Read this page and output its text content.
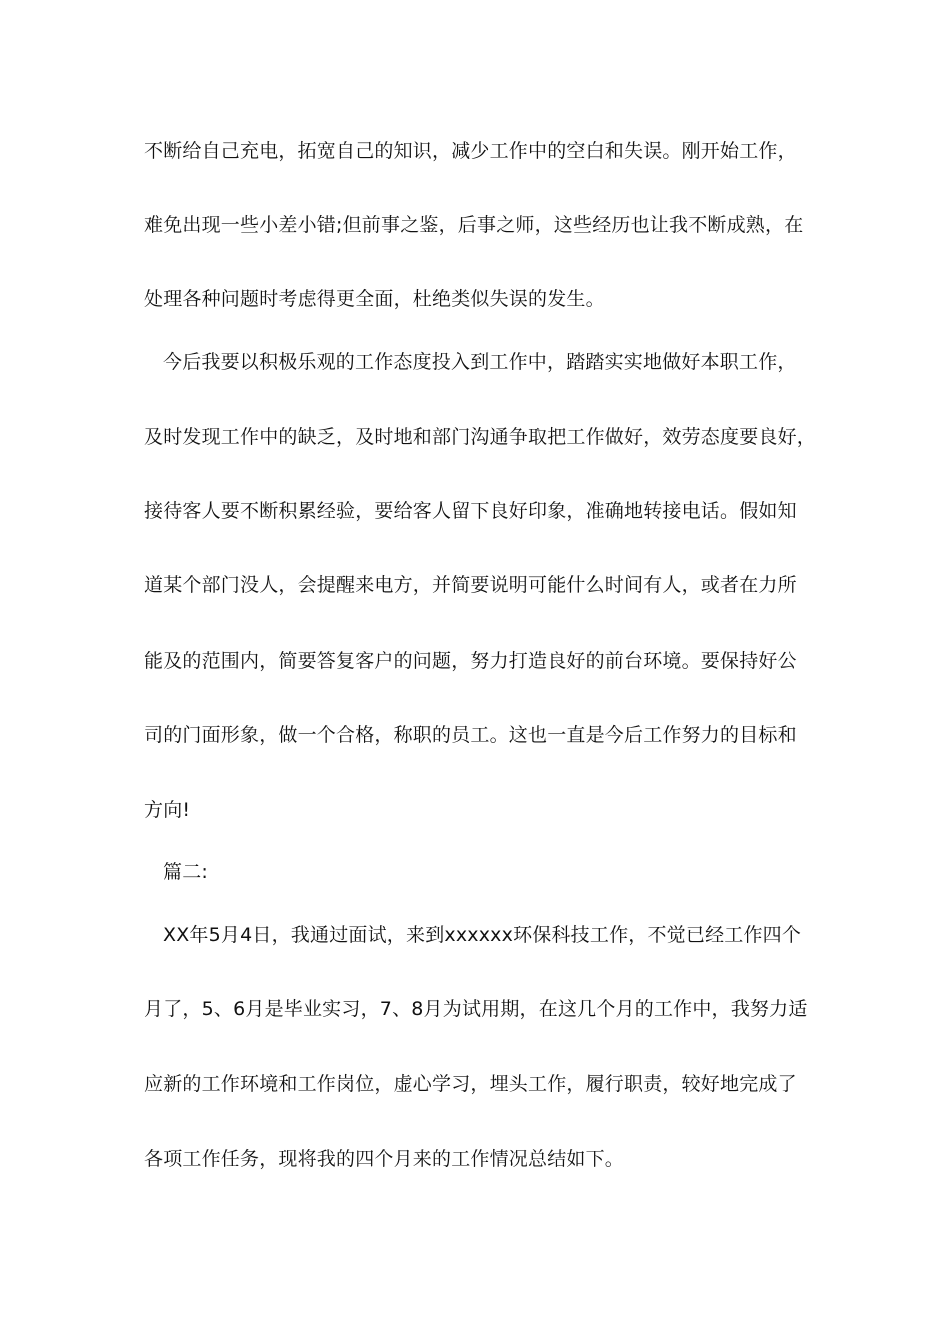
不断给自己充电，拓宽自己的知识，减少工作中的空白和失误。刚开始工作，
难免出现一些小差小错;但前事之鉴，后事之师，这些经历也让我不断成熟，在
处理各种问题时考虑得更全面，杜绝类似失误的发生。
今后我要以积极乐观的工作态度投入到工作中，踏踏实实地做好本职工作，
及时发现工作中的缺乏，及时地和部门沟通争取把工作做好，效劳态度要良好，
接待客人要不断积累经验，要给客人留下良好印象，准确地转接电话。假如知
道某个部门没人，会提醒来电方，并简要说明可能什么时间有人，或者在力所
能及的范围内，简要答复客户的问题，努力打造良好的前台环境。要保持好公
司的门面形象，做一个合格，称职的员工。这也一直是今后工作努力的目标和
方向!
篇二:
XX年5月4日，我通过面试，来到xxxxxx环保科技工作，不觉已经工作四个
月了，5、6月是毕业实习，7、8月为试用期，在这几个月的工作中，我努力适
应新的工作环境和工作岗位，虚心学习，埋头工作，履行职责，较好地完成了
各项工作任务，现将我的四个月来的工作情况总结如下。
